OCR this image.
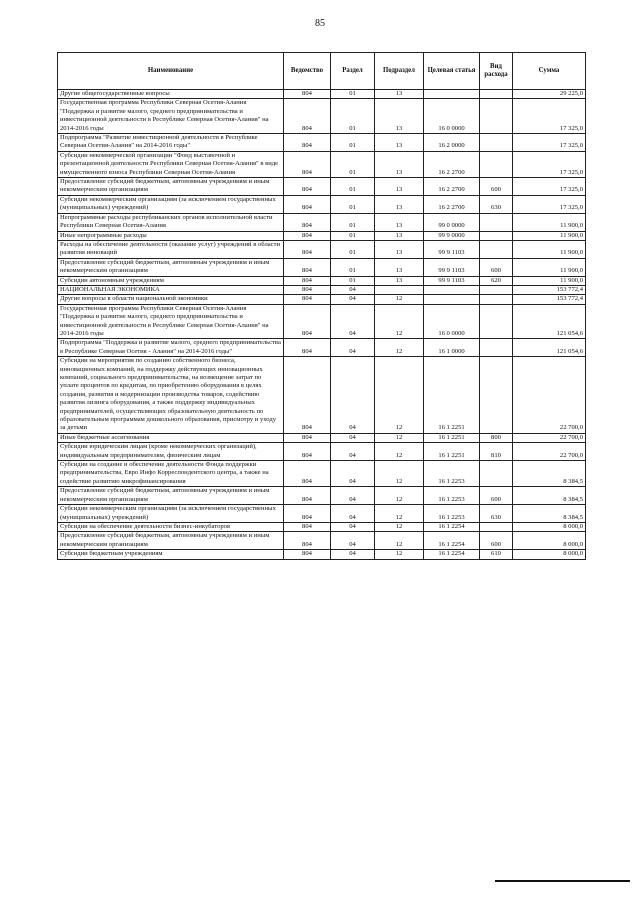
85
Наименование	Ведомство	Раздел	Подраздел	Целевая статья	Вид расхода	Сумма
Другие общегосударственные вопросы	804	01	13			29 225,0
Государственная программа Республики Северная Осетия-Алания "Поддержка и развитие малого, среднего предпринимательства и инвестиционной деятельности в Республике Северная Осетия-Алания" на 2014-2016 годы	804	01	13	16 0 0000		17 325,0
Подпрограмма "Развитие инвестиционной деятельности в Республике Северная Осетия-Алания" на 2014-2016 годы"	804	01	13	16 2 0000		17 325,0
Субсидии некоммерческой организации "Фонд выставочной и презентационной деятельности Республики Северная Осетия-Алания" в виде имущественного взноса Республики Северная Осетия-Алания	804	01	13	16 2 2700		17 325,0
Предоставление субсидий бюджетным, автономным учреждениям и иным некоммерческим организациям	804	01	13	16 2 2700	600	17 325,0
Субсидии некоммерческим организациям (за исключением государственных (муниципальных) учреждений)	804	01	13	16 2 2700	630	17 325,0
Непрограммные расходы республиканских органов исполнительной власти Республики Северная Осетия-Алания	804	01	13	99 0 0000		11 900,0
Иные непрограммные расходы	804	01	13	99 9 0000		11 900,0
Расходы на обеспечение деятельности (оказание услуг) учреждений в области развития инноваций	804	01	13	99 9 1103		11 900,0
Предоставление субсидий бюджетным, автономным учреждениям и иным некоммерческим организациям	804	01	13	99 9 1103	600	11 900,0
Субсидии автономным учреждениям	804	01	13	99 9 1103	620	11 900,0
НАЦИОНАЛЬНАЯ ЭКОНОМИКА	804	04				153 772,4
Другие вопросы в области национальной экономики	804	04	12			153 772,4
Государственная программа Республики Северная Осетия-Алания "Поддержка и развитие малого, среднего предпринимательства и инвестиционной деятельности в Республике Северная Осетия-Алания" на 2014-2016 годы	804	04	12	16 0 0000		121 054,6
Подпрограмма "Поддержка и развитие малого, среднего предпринимательства в Республике Северная Осетия - Алания" на 2014-2016 годы"	804	04	12	16 1 0000		121 054,6
Субсидии на мероприятия по созданию собственного бизнеса, инновационных компаний, на поддержку действующих инновационных компаний, социального предпринимательства, на возмещение затрат по уплате процентов по кредитам, по приобретению оборудования в целях создания, развития и модернизации производства товаров, содействию развития лизинга оборудования, а также поддержку индивидуальных предпринимателей, осуществляющих образовательную деятельность по образовательным программам дошкольного образования, присмотру и уходу за детьми	804	04	12	16 1 2251		22 700,0
Иные бюджетные ассигнования	804	04	12	16 1 2251	800	22 700,0
Субсидии юридическим лицам (кроме некоммерческих организаций), индивидуальным предпринимателям, физическим лицам	804	04	12	16 1 2251	810	22 700,0
Субсидии на создание и обеспечение деятельности Фонда поддержки предпринимательства, Евро Инфо Корреспондентского центра, а также на содействие развитию микрофинансирования	804	04	12	16 1 2253		8 384,5
Предоставление субсидий бюджетным, автономным учреждениям и иным некоммерческим организациям	804	04	12	16 1 2253	600	8 384,5
Субсидии некоммерческим организациям (за исключением государственных (муниципальных) учреждений)	804	04	12	16 1 2253	630	8 384,5
Субсидии на обеспечение деятельности бизнес-инкубаторов	804	04	12	16 1 2254		8 000,0
Предоставление субсидий бюджетным, автономным учреждениям и иным некоммерческим организациям	804	04	12	16 1 2254	600	8 000,0
Субсидии бюджетным учреждениям	804	04	12	16 1 2254	610	8 000,0
